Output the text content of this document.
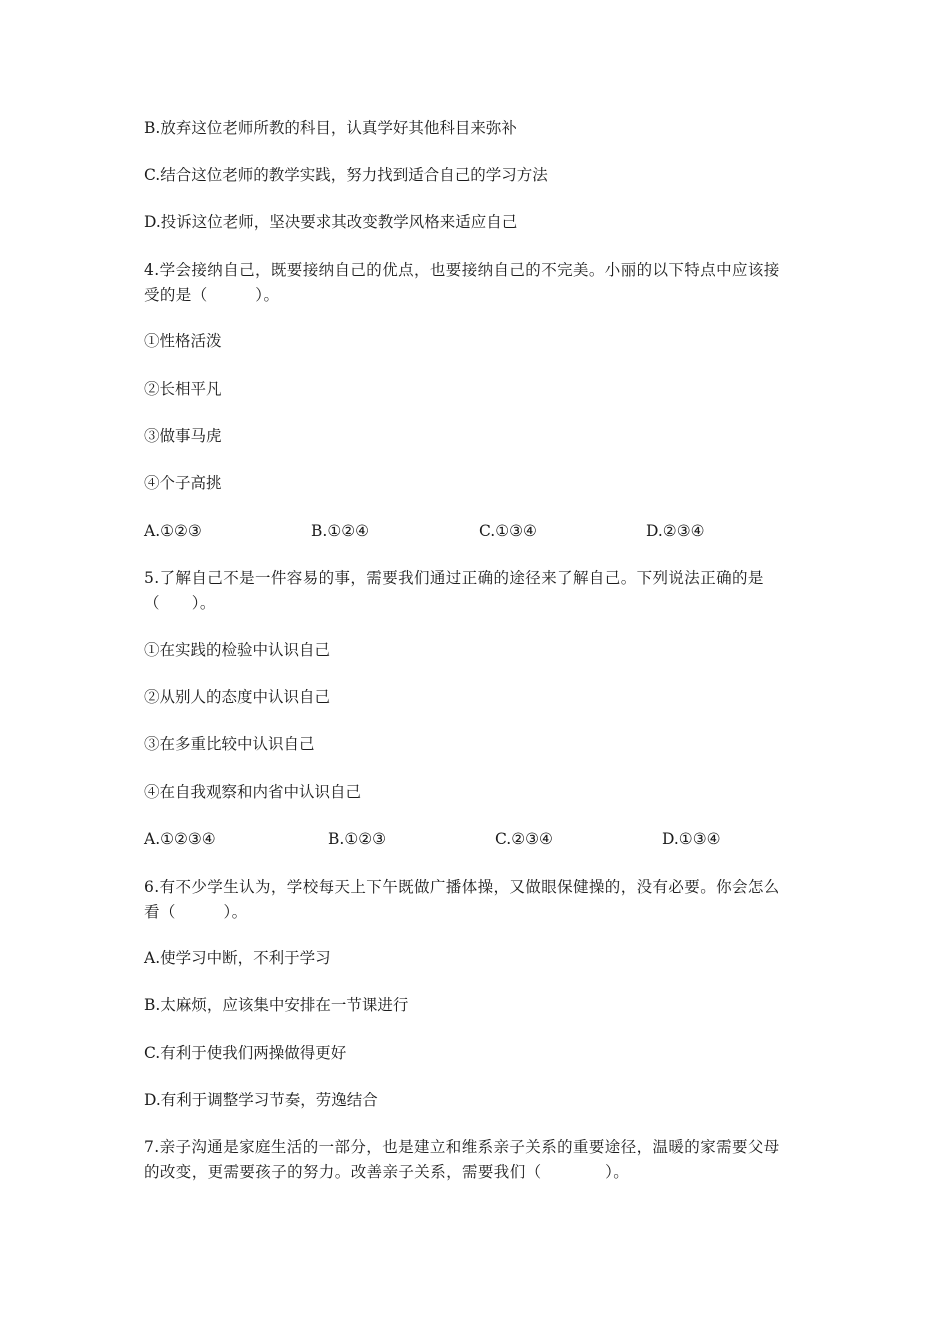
B.放弃这位老师所教的科目，认真学好其他科目来弥补
C.结合这位老师的教学实践，努力找到适合自己的学习方法
D.投诉这位老师，坚决要求其改变教学风格来适应自己
4.学会接纳自己，既要接纳自己的优点，也要接纳自己的不完美。小丽的以下特点中应该接
受的是（　　　）。
①性格活泼
②长相平凡
③做事马虎
④个子高挑
A.①②③	B.①②④	C.①③④	D.②③④
5.了解自己不是一件容易的事，需要我们通过正确的途径来了解自己。下列说法正确的是
（　　）。
①在实践的检验中认识自己
②从别人的态度中认识自己
③在多重比较中认识自己
④在自我观察和内省中认识自己
A.①②③④	B.①②③	C.②③④	D.①③④
6.有不少学生认为，学校每天上下午既做广播体操，又做眼保健操的，没有必要。你会怎么
看（　　　）。
A.使学习中断，不利于学习
B.太麻烦，应该集中安排在一节课进行
C.有利于使我们两操做得更好
D.有利于调整学习节奏，劳逸结合
7.亲子沟通是家庭生活的一部分，也是建立和维系亲子关系的重要途径，温暖的家需要父母
的改变，更需要孩子的努力。改善亲子关系，需要我们（　　　　）。
